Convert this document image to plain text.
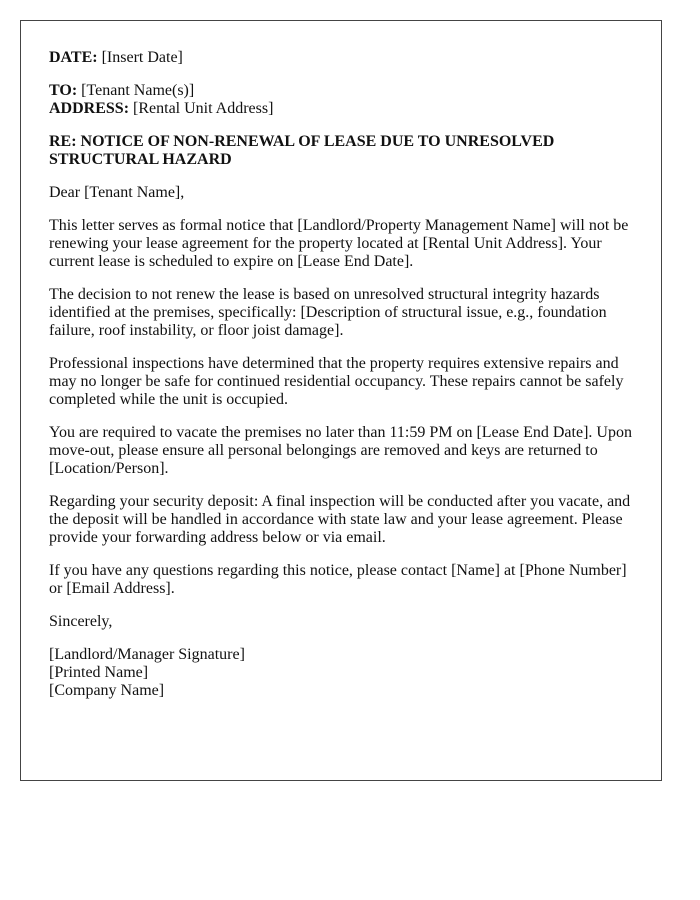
DATE: [Insert Date]

TO: [Tenant Name(s)]
ADDRESS: [Rental Unit Address]

RE: NOTICE OF NON-RENEWAL OF LEASE DUE TO UNRESOLVED STRUCTURAL HAZARD

Dear [Tenant Name],

This letter serves as formal notice that [Landlord/Property Management Name] will not be renewing your lease agreement for the property located at [Rental Unit Address]. Your current lease is scheduled to expire on [Lease End Date].

The decision to not renew the lease is based on unresolved structural integrity hazards identified at the premises, specifically: [Description of structural issue, e.g., foundation failure, roof instability, or floor joist damage].

Professional inspections have determined that the property requires extensive repairs and may no longer be safe for continued residential occupancy. These repairs cannot be safely completed while the unit is occupied.

You are required to vacate the premises no later than 11:59 PM on [Lease End Date]. Upon move-out, please ensure all personal belongings are removed and keys are returned to [Location/Person].

Regarding your security deposit: A final inspection will be conducted after you vacate, and the deposit will be handled in accordance with state law and your lease agreement. Please provide your forwarding address below or via email.

If you have any questions regarding this notice, please contact [Name] at [Phone Number] or [Email Address].

Sincerely,

[Landlord/Manager Signature]
[Printed Name]
[Company Name]
